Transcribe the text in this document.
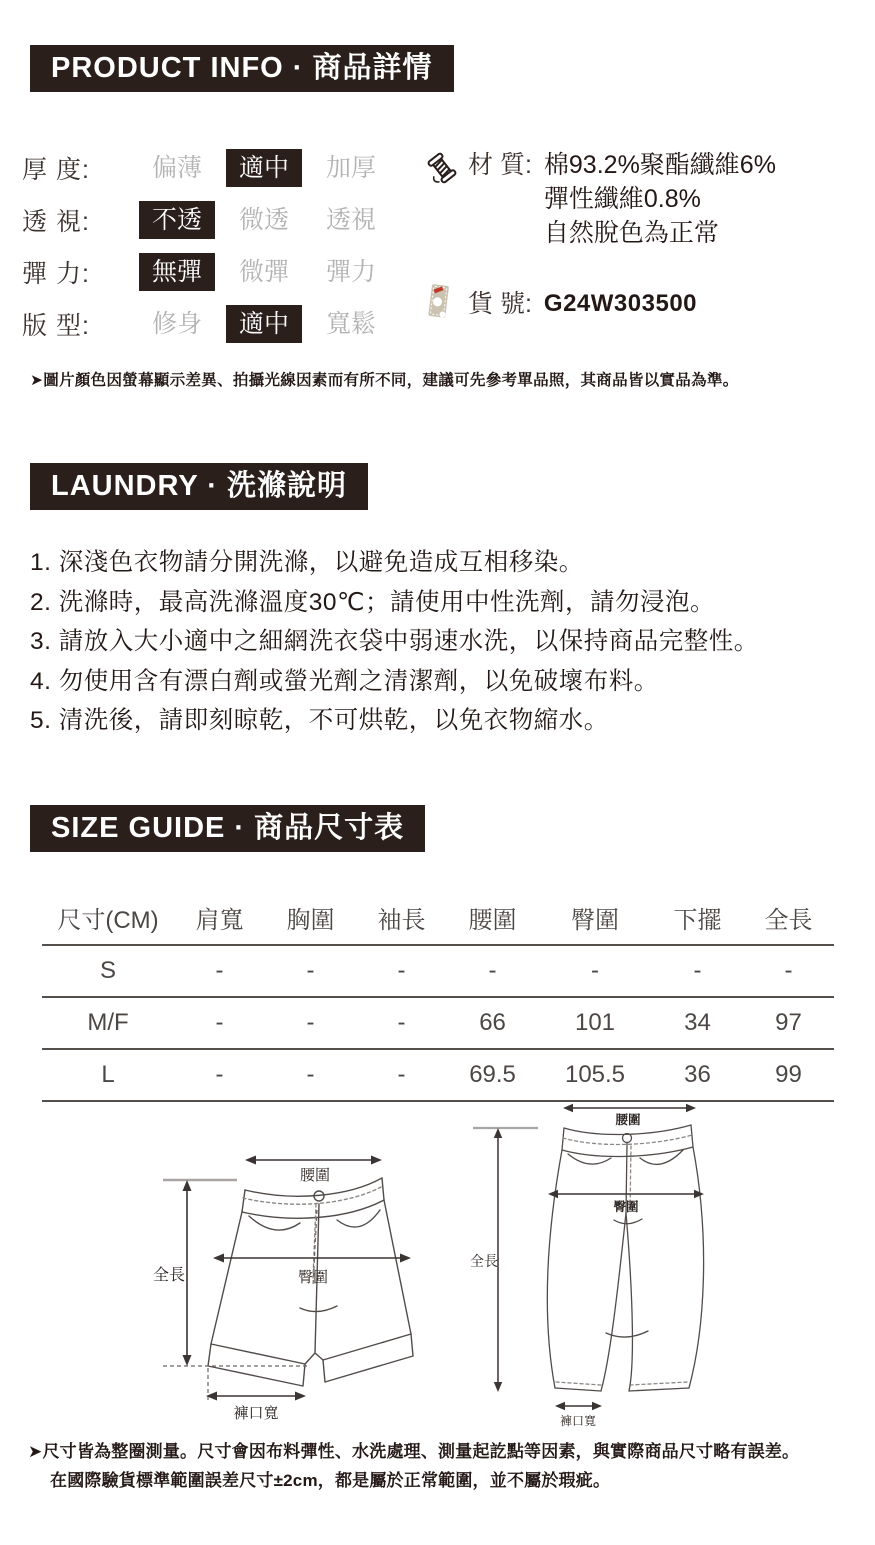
PRODUCT INFO · 商品詳情
厚 度:	偏薄	適中	加厚
透 視:	不透	微透	透視
彈 力:	無彈	微彈	彈力
版 型:	修身	適中	寬鬆
材 質: 棉93.2%聚酯纖維6%
彈性纖維0.8%
自然脫色為正常
貨 號: G24W303500

➤圖片顏色因螢幕顯示差異、拍攝光線因素而有所不同，建議可先參考單品照，其商品皆以實品為準。

LAUNDRY · 洗滌說明
1. 深淺色衣物請分開洗滌，以避免造成互相移染。
2. 洗滌時，最高洗滌溫度30℃；請使用中性洗劑，請勿浸泡。
3. 請放入大小適中之細網洗衣袋中弱速水洗，以保持商品完整性。
4. 勿使用含有漂白劑或螢光劑之清潔劑，以免破壞布料。
5. 清洗後，請即刻晾乾，不可烘乾，以免衣物縮水。
SIZE GUIDE · 商品尺寸表
尺寸(CM)	肩寬	胸圍	袖長	腰圍	臀圍	下擺	全長
S	-	-	-	-	-	-	-
M/F	-	-	-	66	101	34	97
L	-	-	-	69.5	105.5	36	99
腰圍
臀圍
全長
褲口寬
腰圍
臀圍
全長
褲口寬
➤尺寸皆為整圈測量。尺寸會因布料彈性、水洗處理、測量起訖點等因素，與實際商品尺寸略有誤差。
在國際驗貨標準範圍誤差尺寸±2cm，都是屬於正常範圍，並不屬於瑕疵。
